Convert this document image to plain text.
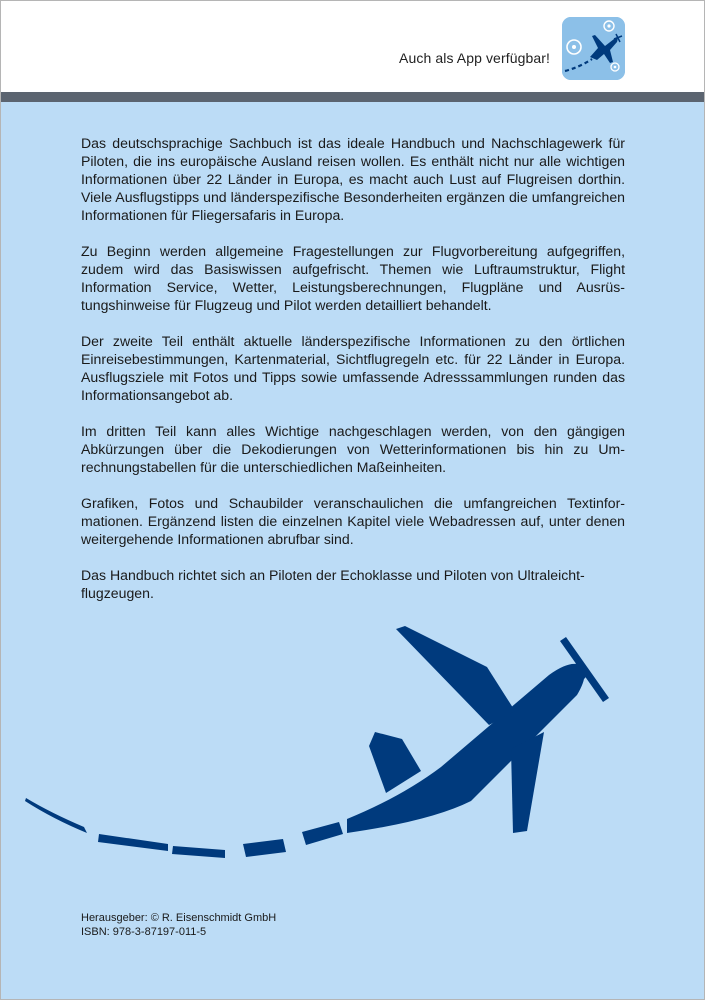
Auch als App verfügbar!

Das deutschsprachige Sachbuch ist das ideale Handbuch und Nachschlagewerk für Piloten, die ins europäische Ausland reisen wollen. Es enthält nicht nur alle wichtigen Informationen über 22 Länder in Europa, es macht auch Lust auf Flugreisen dorthin. Viele Ausflugstipps und länderspezifische Besonderheiten ergänzen die umfangreichen Informationen für Fliegersafaris in Europa.

Zu Beginn werden allgemeine Fragestellungen zur Flugvorbereitung aufgegriffen, zudem wird das Basiswissen aufgefrischt. Themen wie Luftraumstruktur, Flight Information Service, Wetter, Leistungsberechnungen, Flugpläne und Ausrüstungshinweise für Flugzeug und Pilot werden detailliert behandelt.

Der zweite Teil enthält aktuelle länderspezifische Informationen zu den örtlichen Einreisebestimmungen, Kartenmaterial, Sichtflugregeln etc. für 22 Länder in Europa. Ausflugsziele mit Fotos und Tipps sowie umfassende Adresssammlungen runden das Informationsangebot ab.

Im dritten Teil kann alles Wichtige nachgeschlagen werden, von den gängigen Abkürzungen über die Dekodierungen von Wetterinformationen bis hin zu Umrechnungstabellen für die unterschiedlichen Maßeinheiten.

Grafiken, Fotos und Schaubilder veranschaulichen die umfangreichen Textinformationen. Ergänzend listen die einzelnen Kapitel viele Webadressen auf, unter denen weitergehende Informationen abrufbar sind.

Das Handbuch richtet sich an Piloten der Echoklasse und Piloten von Ultraleichtflugzeugen.

Herausgeber: © R. Eisenschmidt GmbH
ISBN: 978-3-87197-011-5
